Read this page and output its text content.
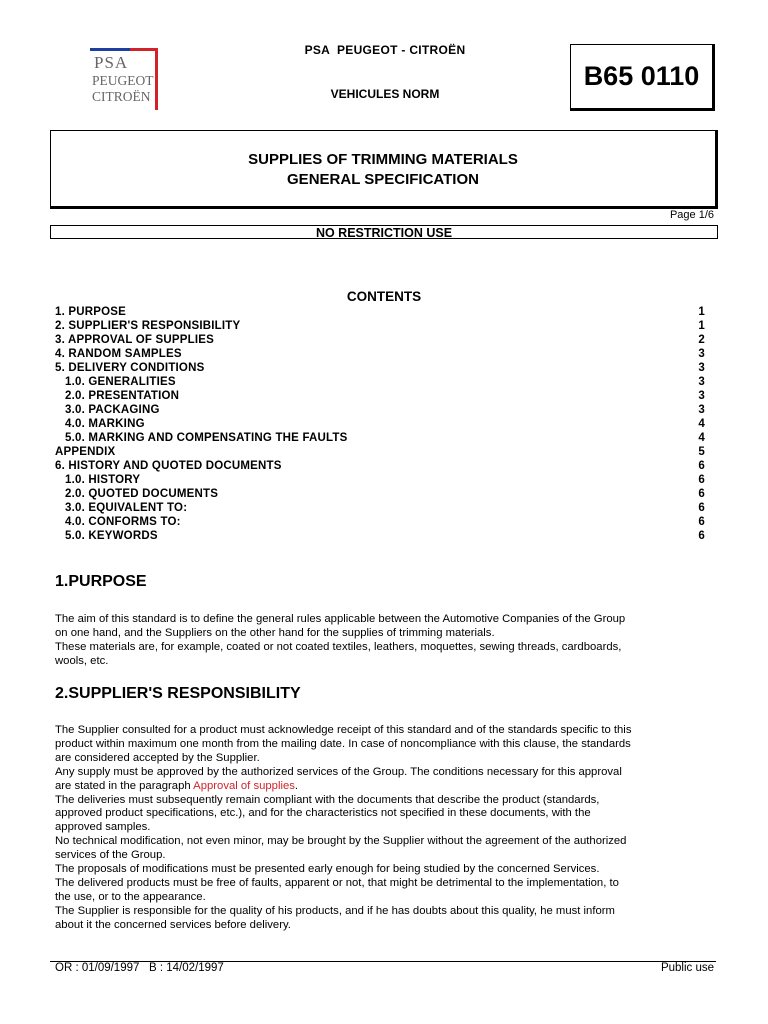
PSA
PEUGEOT
CITROËN
PSA  PEUGEOT - CITROËN
VEHICULES NORM
B65 0110
SUPPLIES OF TRIMMING MATERIALS
GENERAL SPECIFICATION
Page 1/6
NO RESTRICTION USE
CONTENTS
1. PURPOSE	1
2. SUPPLIER'S RESPONSIBILITY	1
3. APPROVAL OF SUPPLIES	2
4. RANDOM SAMPLES	3
5. DELIVERY CONDITIONS	3
1.0. GENERALITIES	3
2.0. PRESENTATION	3
3.0. PACKAGING	3
4.0. MARKING	4
5.0. MARKING AND COMPENSATING THE FAULTS	4
APPENDIX	5
6. HISTORY AND QUOTED DOCUMENTS	6
1.0. HISTORY	6
2.0. QUOTED DOCUMENTS	6
3.0. EQUIVALENT TO:	6
4.0. CONFORMS TO:	6
5.0. KEYWORDS	6
1.PURPOSE
The aim of this standard is to define the general rules applicable between the Automotive Companies of the Group
on one hand, and the Suppliers on the other hand for the supplies of trimming materials.
These materials are, for example, coated or not coated textiles, leathers, moquettes, sewing threads, cardboards,
wools, etc.
2.SUPPLIER'S RESPONSIBILITY
The Supplier consulted for a product must acknowledge receipt of this standard and of the standards specific to this
product within maximum one month from the mailing date. In case of noncompliance with this clause, the standards
are considered accepted by the Supplier.
Any supply must be approved by the authorized services of the Group. The conditions necessary for this approval
are stated in the paragraph Approval of supplies.
The deliveries must subsequently remain compliant with the documents that describe the product (standards,
approved product specifications, etc.), and for the characteristics not specified in these documents, with the
approved samples.
No technical modification, not even minor, may be brought by the Supplier without the agreement of the authorized
services of the Group.
The proposals of modifications must be presented early enough for being studied by the concerned Services.
The delivered products must be free of faults, apparent or not, that might be detrimental to the implementation, to
the use, or to the appearance.
The Supplier is responsible for the quality of his products, and if he has doubts about this quality, he must inform
about it the concerned services before delivery.
OR : 01/09/1997   B : 14/02/1997	Public use
